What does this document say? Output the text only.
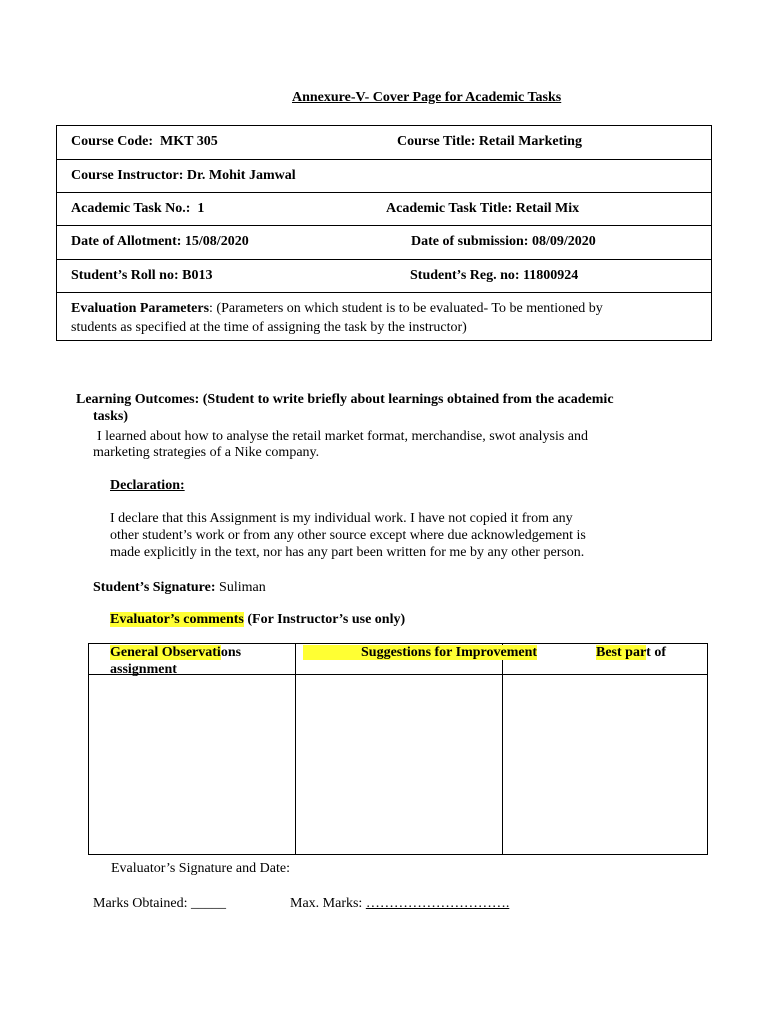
Annexure-V- Cover Page for Academic Tasks
Course Code: MKT 305	Course Title: Retail Marketing
Course Instructor: Dr. Mohit Jamwal
Academic Task No.: 1	Academic Task Title: Retail Mix
Date of Allotment: 15/08/2020	Date of submission: 08/09/2020
Student’s Roll no: B013	Student’s Reg. no: 11800924
Evaluation Parameters: (Parameters on which student is to be evaluated- To be mentioned by
students as specified at the time of assigning the task by the instructor)
Learning Outcomes: (Student to write briefly about learnings obtained from the academic
tasks)
I learned about how to analyse the retail market format, merchandise, swot analysis and
marketing strategies of a Nike company.
Declaration:
I declare that this Assignment is my individual work. I have not copied it from any
other student’s work or from any other source except where due acknowledgement is
made explicitly in the text, nor has any part been written for me by any other person.
Student’s Signature: Suliman
Evaluator’s comments (For Instructor’s use only)
General Observations
assignment
Suggestions for Improvement	Best part of
Evaluator’s Signature and Date:
Marks Obtained: _____	Max. Marks: ………………………….
